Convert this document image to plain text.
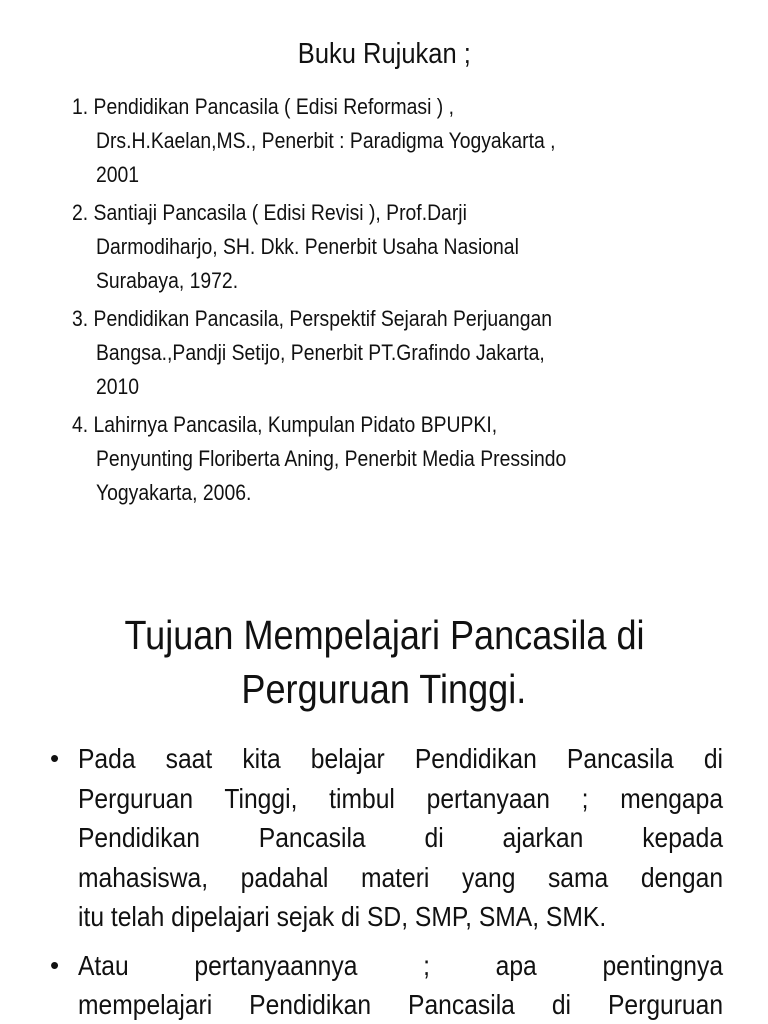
Buku Rujukan ;
1. Pendidikan Pancasila ( Edisi Reformasi ) ,
Drs.H.Kaelan,MS., Penerbit : Paradigma Yogyakarta ,
2001
2. Santiaji Pancasila ( Edisi Revisi ), Prof.Darji
Darmodiharjo, SH. Dkk. Penerbit Usaha Nasional
Surabaya, 1972.
3. Pendidikan Pancasila, Perspektif Sejarah Perjuangan
Bangsa.,Pandji Setijo, Penerbit PT.Grafindo Jakarta,
2010
4. Lahirnya Pancasila, Kumpulan Pidato BPUPKI,
Penyunting Floriberta Aning, Penerbit Media Pressindo
Yogyakarta, 2006.
Tujuan Mempelajari Pancasila di
Perguruan Tinggi.
• Pada saat kita belajar Pendidikan Pancasila di
Perguruan Tinggi, timbul pertanyaan ; mengapa
Pendidikan Pancasila di ajarkan kepada
mahasiswa, padahal materi yang sama dengan
itu telah dipelajari sejak di SD, SMP, SMA, SMK.
• Atau pertanyaannya ; apa pentingnya
mempelajari Pendidikan Pancasila di Perguruan
